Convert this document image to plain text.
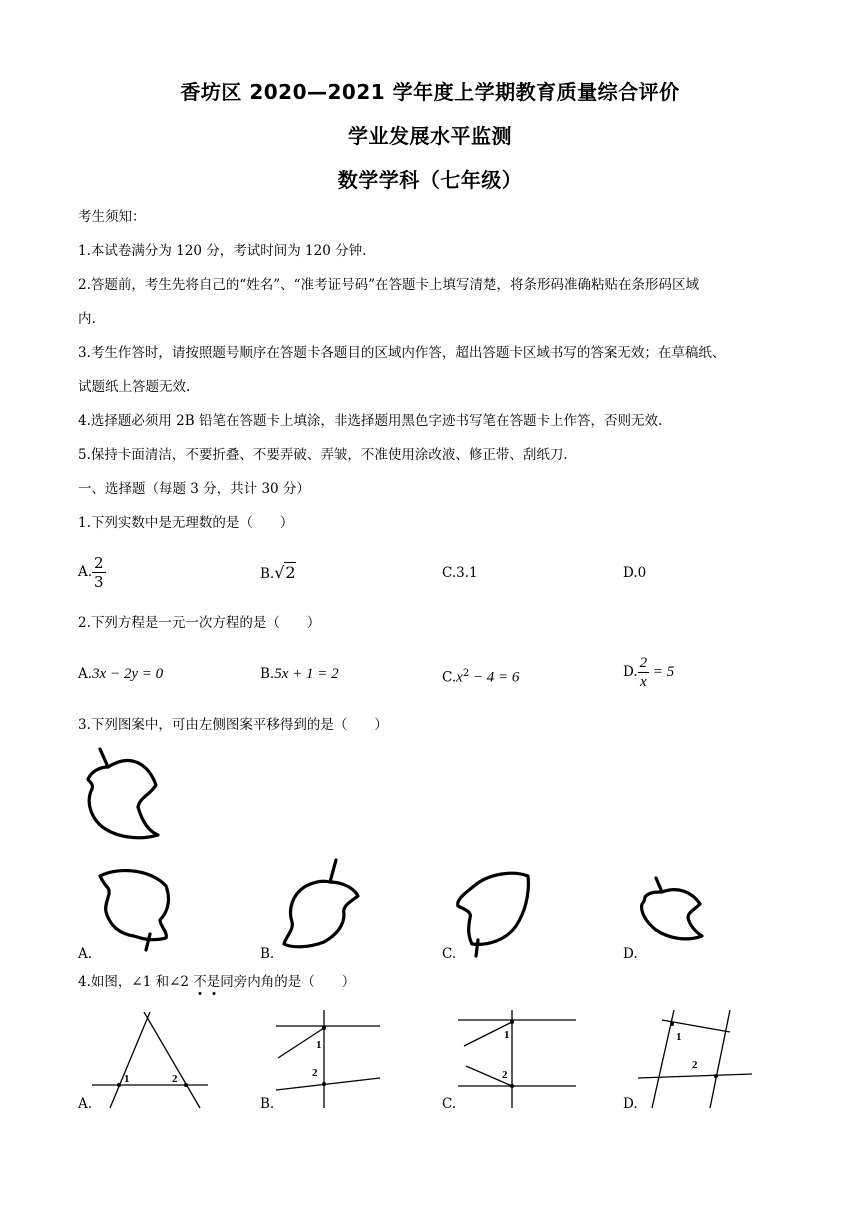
香坊区 2020—2021 学年度上学期教育质量综合评价
学业发展水平监测
数学学科（七年级）
考生须知：
1.本试卷满分为 120 分，考试时间为 120 分钟.
2.答题前，考生先将自己的“姓名”、“准考证号码”在答题卡上填写清楚，将条形码准确粘贴在条形码区域
内.
3.考生作答时，请按照题号顺序在答题卡各题目的区域内作答，超出答题卡区域书写的答案无效；在草稿纸、
试题纸上答题无效.
4.选择题必须用 2B 铅笔在答题卡上填涂，非选择题用黑色字迹书写笔在答题卡上作答，否则无效.
5.保持卡面清洁，不要折叠、不要弄破、弄皱，不准使用涂改液、修正带、刮纸刀.
一、选择题（每题 3 分，共计 30 分）
1.下列实数中是无理数的是（　　）
A. $\frac{2}{3}$	B.√2	C.3.1	D.0
2.下列方程是一元一次方程的是（　　）
A.3x − 2y = 0	B.5x + 1 = 2	$C.x^2 - 4 = 6$	D. $\frac{2}{x} = 5$
3.下列图案中，可由左侧图案平移得到的是（　　）
A.	B.	C.	D.
4.如图，∠1 和∠2 不是同旁内角的是（　　）
1	2
1
2
1
2
1
2
A.	B.	C.	D.
